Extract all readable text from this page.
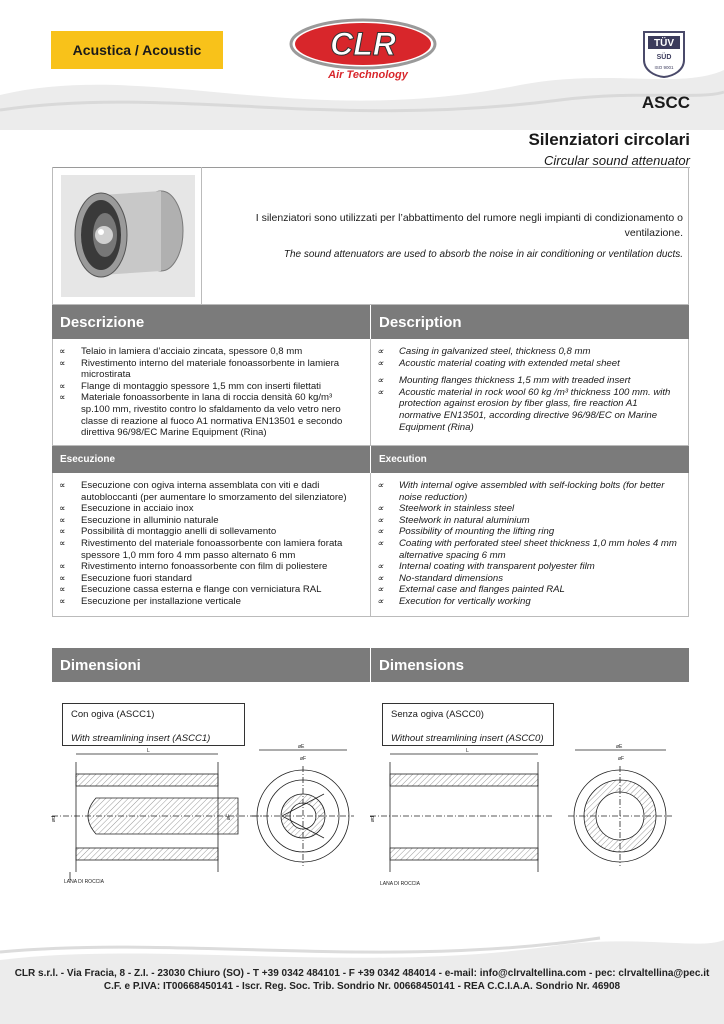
Acustica / Acoustic	CLR
Air Technology
TÜV
SÜD
ISO 9001
ASCC
Silenziatori circolari
Circular sound attenuator
I silenziatori sono utilizzati per l’abbattimento del rumore negli impianti di condizionamento o ventilazione.
The sound attenuators are used to absorb the noise in air conditioning or ventilation ducts.
Descrizione	Description
∝ Telaio in lamiera d’acciaio zincata, spessore 0,8 mm
∝ Rivestimento interno del materiale fonoassorbente in lamiera microstirata
∝ Flange di montaggio spessore 1,5 mm con inserti filettati
∝ Materiale fonoassorbente in lana di roccia densità 60 kg/m³ sp.100 mm, rivestito contro lo sfaldamento da velo vetro nero classe di reazione al fuoco A1 normativa EN13501 e secondo direttiva 96/98/EC Marine Equipment (Rina)
∝ Casing in galvanized steel, thickness 0,8 mm
∝ Acoustic material coating with extended metal sheet
∝ Mounting flanges thickness 1,5 mm with treaded insert
∝ Acoustic material in rock wool 60 kg /m³ thickness 100 mm. with protection against erosion by fiber glass, fire reaction A1 normative EN13501, according directive 96/98/EC on Marine Equipment (Rina)
Esecuzione	Execution
∝ Esecuzione con ogiva interna assemblata con viti e dadi autobloccanti (per aumentare lo smorzamento del silenziatore)
∝ Esecuzione in acciaio inox
∝ Esecuzione in alluminio naturale
∝ Possibilità di montaggio anelli di sollevamento
∝ Rivestimento del materiale fonoassorbente con lamiera forata spessore 1,0 mm foro 4 mm passo alternato 6 mm
∝ Rivestimento interno fonoassorbente con film di poliestere
∝ Esecuzione fuori standard
∝ Esecuzione cassa esterna e flange con verniciatura RAL
∝ Esecuzione per installazione verticale
∝ With internal ogive assembled with self-locking bolts (for better noise reduction)
∝ Steelwork in stainless steel
∝ Steelwork in natural aluminium
∝ Possibility of mounting the lifting ring
∝ Coating with perforated steel sheet thickness 1,0 mm holes 4 mm alternative spacing 6 mm
∝ Internal coating with transparent polyester film
∝ No-standard dimensions
∝ External case and flanges painted RAL
∝ Execution for vertically working
Dimensioni	Dimensions
Con ogiva (ASCC1)
With streamlining insert (ASCC1)
Senza ogiva (ASCC0)
Without streamlining insert (ASCC0)
L
ød	øF
LANA DI ROCCIA
øE
øF
L
ød
LANA DI ROCCIA
øE
øF
CLR s.r.l. - Via Fracia, 8 - Z.I. - 23030 Chiuro (SO) - T +39 0342 484101 - F +39 0342 484014 - e-mail: info@clrvaltellina.com - pec: clrvaltellina@pec.it
C.F. e P.IVA: IT00668450141 - Iscr. Reg. Soc. Trib. Sondrio Nr. 00668450141 - REA C.C.I.A.A. Sondrio Nr. 46908
